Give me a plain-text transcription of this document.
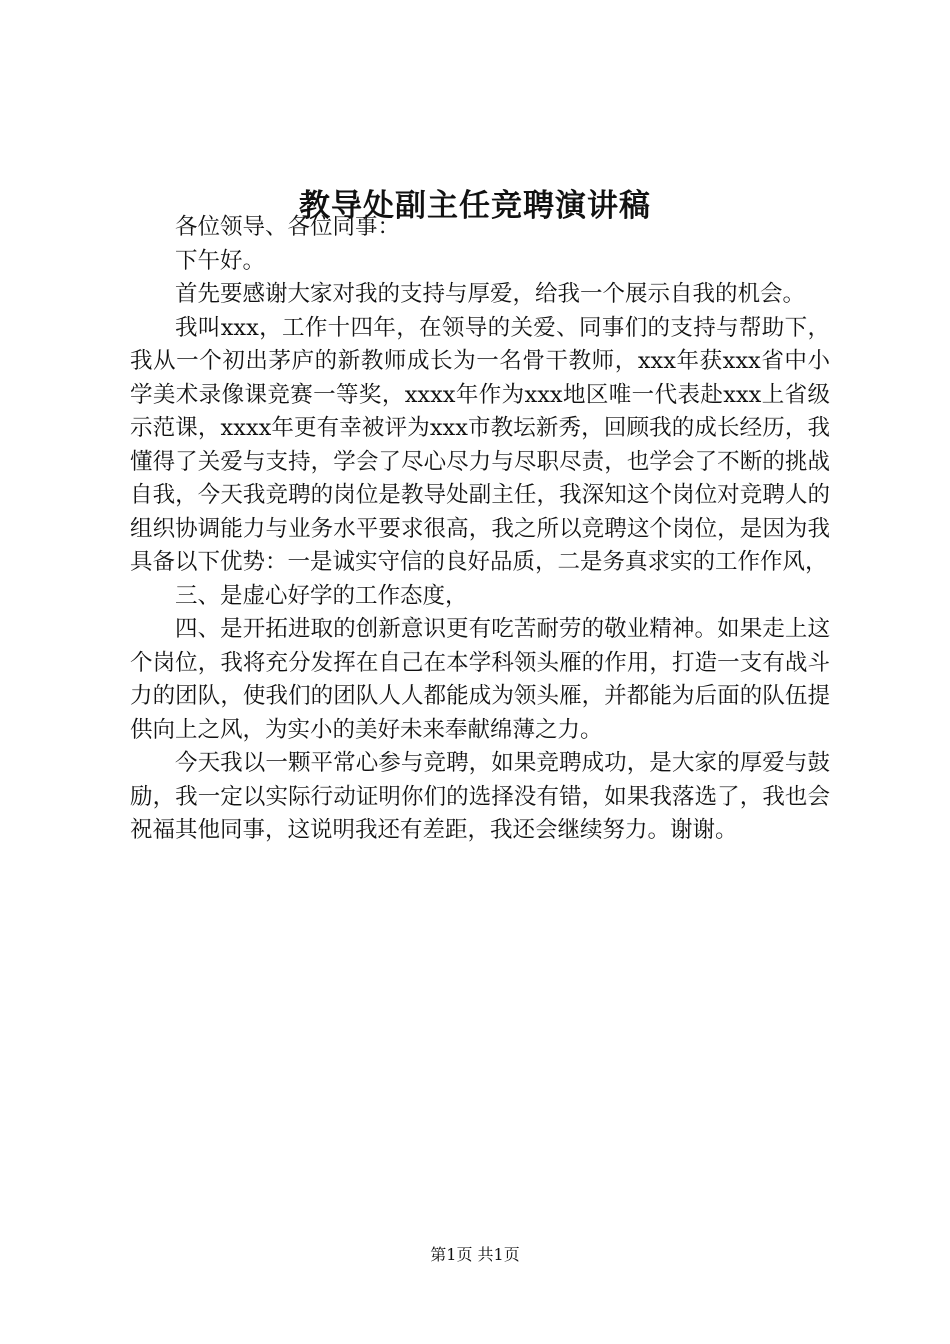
教导处副主任竞聘演讲稿

各位领导、各位同事：

下午好。

首先要感谢大家对我的支持与厚爱，给我一个展示自我的机会。

我叫xxx，工作十四年，在领导的关爱、同事们的支持与帮助下，我从一个初出茅庐的新教师成长为一名骨干教师，xxx年获xxx省中小学美术录像课竞赛一等奖，xxxx年作为xxx地区唯一代表赴xxx上省级示范课，xxxx年更有幸被评为xxx市教坛新秀，回顾我的成长经历，我懂得了关爱与支持，学会了尽心尽力与尽职尽责，也学会了不断的挑战自我，今天我竞聘的岗位是教导处副主任，我深知这个岗位对竞聘人的组织协调能力与业务水平要求很高，我之所以竞聘这个岗位，是因为我具备以下优势：一是诚实守信的良好品质，二是务真求实的工作作风，

三、是虚心好学的工作态度，

四、是开拓进取的创新意识更有吃苦耐劳的敬业精神。如果走上这个岗位，我将充分发挥在自己在本学科领头雁的作用，打造一支有战斗力的团队，使我们的团队人人都能成为领头雁，并都能为后面的队伍提供向上之风，为实小的美好未来奉献绵薄之力。

今天我以一颗平常心参与竞聘，如果竞聘成功，是大家的厚爱与鼓励，我一定以实际行动证明你们的选择没有错，如果我落选了，我也会祝福其他同事，这说明我还有差距，我还会继续努力。谢谢。

第1页 共1页
